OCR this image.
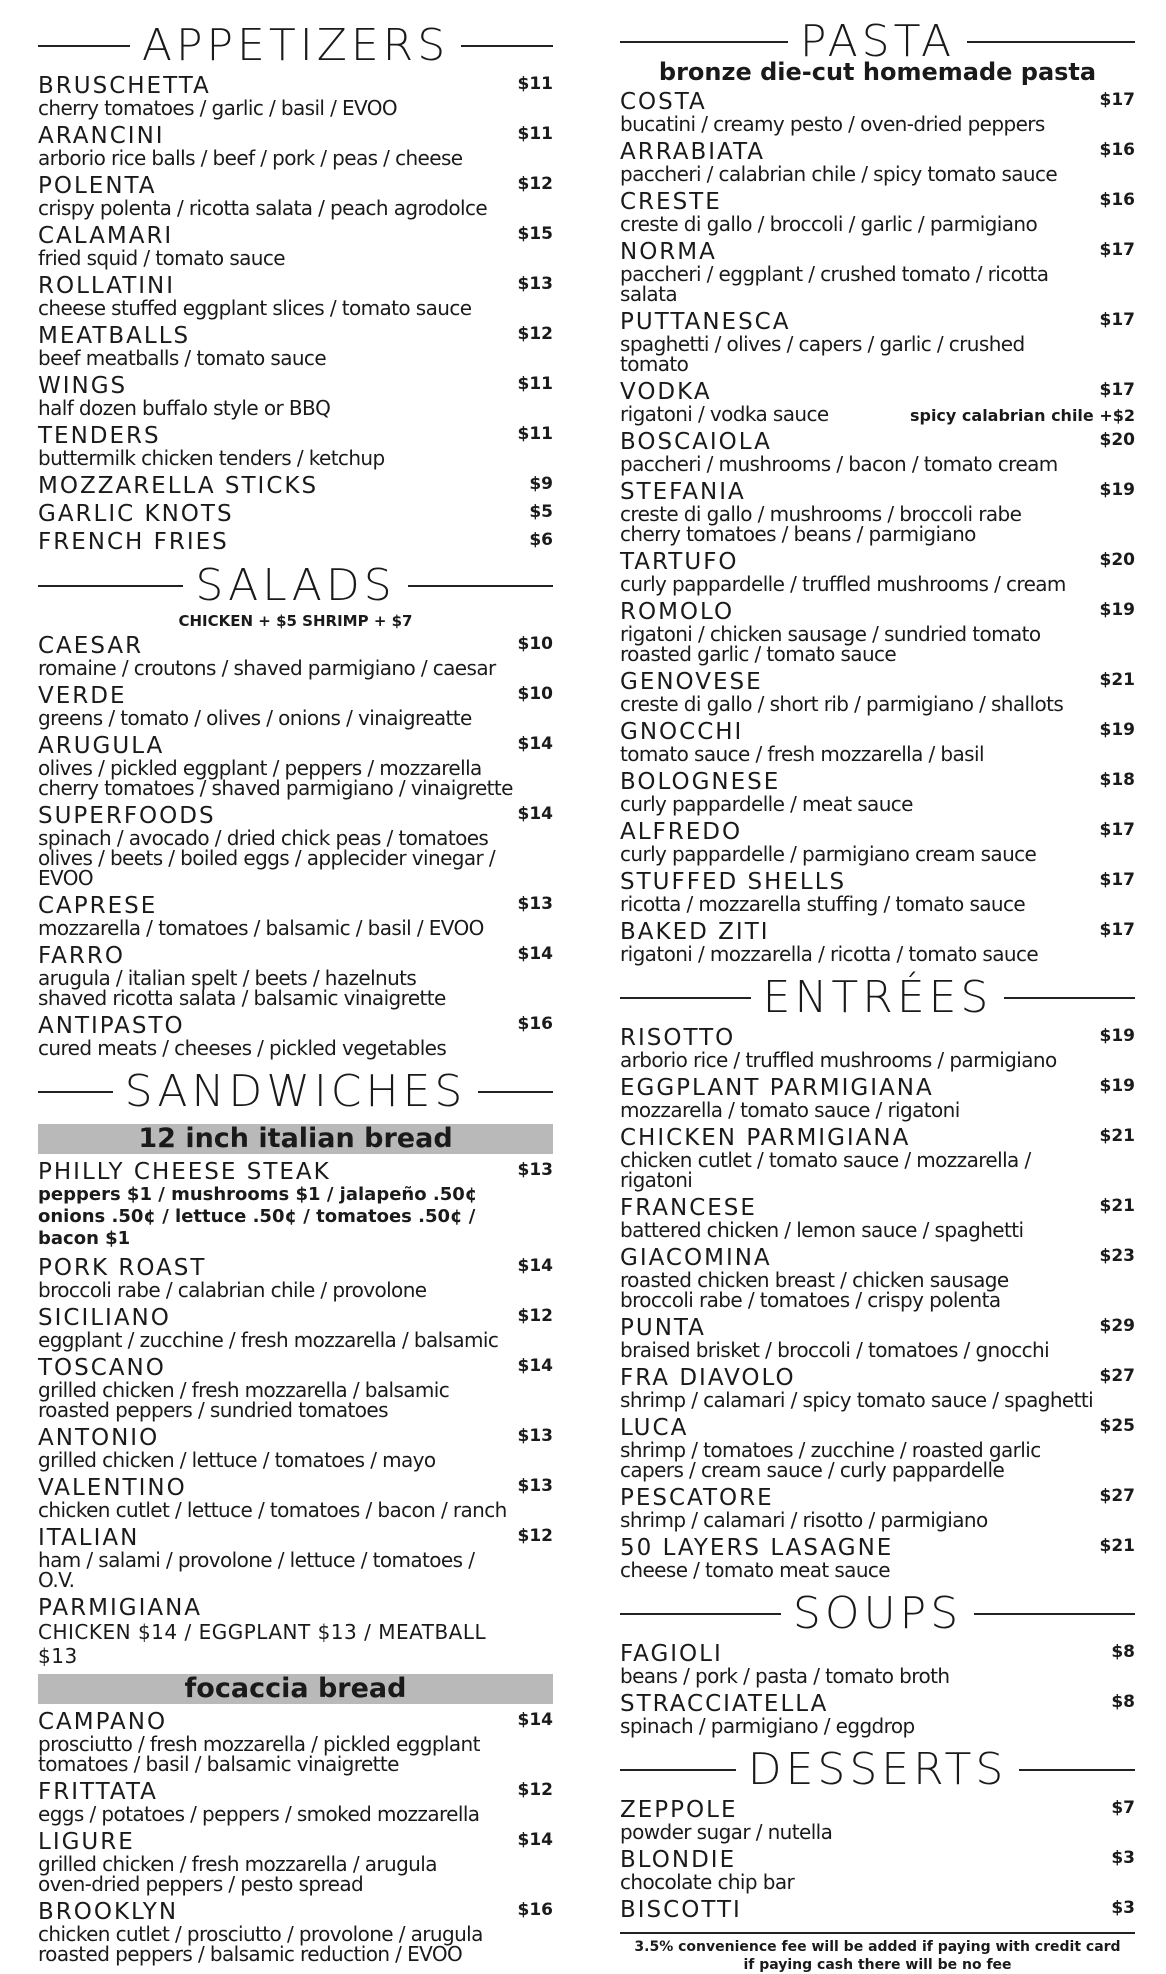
APPETIZERS
BRUSCHETTA	$11
cherry tomatoes / garlic / basil / EVOO
ARANCINI	$11
arborio rice balls / beef / pork / peas / cheese
POLENTA	$12
crispy polenta / ricotta salata / peach agrodolce
CALAMARI	$15
fried squid / tomato sauce
ROLLATINI	$13
cheese stuffed eggplant slices / tomato sauce
MEATBALLS	$12
beef meatballs / tomato sauce
WINGS	$11
half dozen buffalo style or BBQ
TENDERS	$11
buttermilk chicken tenders / ketchup
MOZZARELLA STICKS	$9
GARLIC KNOTS	$5
FRENCH FRIES	$6
SALADS
CHICKEN + $5 SHRIMP + $7
CAESAR	$10
romaine / croutons / shaved parmigiano / caesar
VERDE	$10
greens / tomato / olives / onions / vinaigreatte
ARUGULA	$14
olives / pickled eggplant / peppers / mozzarella
cherry tomatoes / shaved parmigiano / vinaigrette
SUPERFOODS	$14
spinach / avocado / dried chick peas / tomatoes
olives / beets / boiled eggs / applecider vinegar / EVOO
CAPRESE	$13
mozzarella / tomatoes / balsamic / basil / EVOO
FARRO	$14
arugula / italian spelt / beets / hazelnuts
shaved ricotta salata / balsamic vinaigrette
ANTIPASTO	$16
cured meats / cheeses / pickled vegetables
SANDWICHES
12 inch italian bread
PHILLY CHEESE STEAK	$13
peppers $1 / mushrooms $1 / jalapeño .50¢
onions .50¢ / lettuce .50¢ / tomatoes .50¢ / bacon $1
PORK ROAST	$14
broccoli rabe / calabrian chile / provolone
SICILIANO	$12
eggplant / zucchine / fresh mozzarella / balsamic
TOSCANO	$14
grilled chicken / fresh mozzarella / balsamic
roasted peppers / sundried tomatoes
ANTONIO	$13
grilled chicken / lettuce / tomatoes / mayo
VALENTINO	$13
chicken cutlet / lettuce / tomatoes / bacon / ranch
ITALIAN	$12
ham / salami / provolone / lettuce / tomatoes / O.V.
PARMIGIANA
CHICKEN $14 / EGGPLANT $13 / MEATBALL $13
focaccia bread
CAMPANO	$14
prosciutto / fresh mozzarella / pickled eggplant
tomatoes / basil / balsamic vinaigrette
FRITTATA	$12
eggs / potatoes / peppers / smoked mozzarella
LIGURE	$14
grilled chicken / fresh mozzarella / arugula
oven-dried peppers / pesto spread
BROOKLYN	$16
chicken cutlet / prosciutto / provolone / arugula
roasted peppers / balsamic reduction / EVOO
PASTA
bronze die-cut homemade pasta
COSTA	$17
bucatini / creamy pesto / oven-dried peppers
ARRABIATA	$16
paccheri / calabrian chile / spicy tomato sauce
CRESTE	$16
creste di gallo / broccoli / garlic / parmigiano
NORMA	$17
paccheri / eggplant / crushed tomato / ricotta salata
PUTTANESCA	$17
spaghetti / olives / capers / garlic / crushed tomato
VODKA	$17
rigatoni / vodka sauce	spicy calabrian chile +$2
BOSCAIOLA	$20
paccheri / mushrooms / bacon / tomato cream
STEFANIA	$19
creste di gallo / mushrooms / broccoli rabe
cherry tomatoes / beans / parmigiano
TARTUFO	$20
curly pappardelle / truffled mushrooms / cream
ROMOLO	$19
rigatoni / chicken sausage / sundried tomato
roasted garlic / tomato sauce
GENOVESE	$21
creste di gallo / short rib / parmigiano / shallots
GNOCCHI	$19
tomato sauce / fresh mozzarella / basil
BOLOGNESE	$18
curly pappardelle / meat sauce
ALFREDO	$17
curly pappardelle / parmigiano cream sauce
STUFFED SHELLS	$17
ricotta / mozzarella stuffing / tomato sauce
BAKED ZITI	$17
rigatoni / mozzarella / ricotta / tomato sauce
ENTRÉES
RISOTTO	$19
arborio rice / truffled mushrooms / parmigiano
EGGPLANT PARMIGIANA	$19
mozzarella / tomato sauce / rigatoni
CHICKEN PARMIGIANA	$21
chicken cutlet / tomato sauce / mozzarella / rigatoni
FRANCESE	$21
battered chicken / lemon sauce / spaghetti
GIACOMINA	$23
roasted chicken breast / chicken sausage
broccoli rabe / tomatoes / crispy polenta
PUNTA	$29
braised brisket / broccoli / tomatoes / gnocchi
FRA DIAVOLO	$27
shrimp / calamari / spicy tomato sauce / spaghetti
LUCA	$25
shrimp / tomatoes / zucchine / roasted garlic
capers / cream sauce / curly pappardelle
PESCATORE	$27
shrimp / calamari / risotto / parmigiano
50 LAYERS LASAGNE	$21
cheese / tomato meat sauce
SOUPS
FAGIOLI	$8
beans / pork / pasta / tomato broth
STRACCIATELLA	$8
spinach / parmigiano / eggdrop
DESSERTS
ZEPPOLE	$7
powder sugar / nutella
BLONDIE	$3
chocolate chip bar
BISCOTTI	$3
3.5% convenience fee will be added if paying with credit card
if paying cash there will be no fee
